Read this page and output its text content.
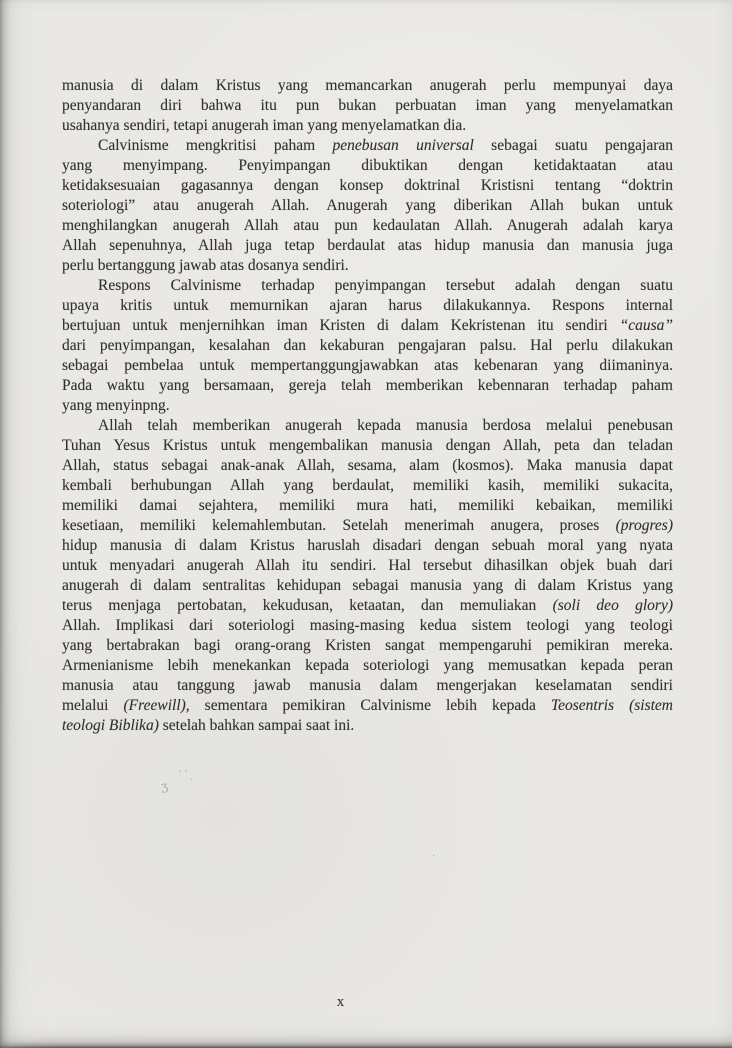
manusia di dalam Kristus yang memancarkan anugerah perlu mempunyai daya
penyandaran diri bahwa itu pun bukan perbuatan iman yang menyelamatkan
usahanya sendiri, tetapi anugerah iman yang menyelamatkan dia.
Calvinisme mengkritisi paham penebusan universal sebagai suatu pengajaran
yang menyimpang. Penyimpangan dibuktikan dengan ketidaktaatan atau
ketidaksesuaian gagasannya dengan konsep doktrinal Kristisni tentang “doktrin
soteriologi” atau anugerah Allah. Anugerah yang diberikan Allah bukan untuk
menghilangkan anugerah Allah atau pun kedaulatan Allah. Anugerah adalah karya
Allah sepenuhnya, Allah juga tetap berdaulat atas hidup manusia dan manusia juga
perlu bertanggung jawab atas dosanya sendiri.
Respons Calvinisme terhadap penyimpangan tersebut adalah dengan suatu
upaya kritis untuk memurnikan ajaran harus dilakukannya. Respons internal
bertujuan untuk menjernihkan iman Kristen di dalam Kekristenan itu sendiri “causa”
dari penyimpangan, kesalahan dan kekaburan pengajaran palsu. Hal perlu dilakukan
sebagai pembelaa untuk mempertanggungjawabkan atas kebenaran yang diimaninya.
Pada waktu yang bersamaan, gereja telah memberikan kebennaran terhadap paham
yang menyinpng.
Allah telah memberikan anugerah kepada manusia berdosa melalui penebusan
Tuhan Yesus Kristus untuk mengembalikan manusia dengan Allah, peta dan teladan
Allah, status sebagai anak-anak Allah, sesama, alam (kosmos). Maka manusia dapat
kembali berhubungan Allah yang berdaulat, memiliki kasih, memiliki sukacita,
memiliki damai sejahtera, memiliki mura hati, memiliki kebaikan, memiliki
kesetiaan, memiliki kelemahlembutan. Setelah menerimah anugera, proses (progres)
hidup manusia di dalam Kristus haruslah disadari dengan sebuah moral yang nyata
untuk menyadari anugerah Allah itu sendiri. Hal tersebut dihasilkan objek buah dari
anugerah di dalam sentralitas kehidupan sebagai manusia yang di dalam Kristus yang
terus menjaga pertobatan, kekudusan, ketaatan, dan memuliakan (soli deo glory)
Allah. Implikasi dari soteriologi masing-masing kedua sistem teologi yang teologi
yang bertabrakan bagi orang-orang Kristen sangat mempengaruhi pemikiran mereka.
Armenianisme lebih menekankan kepada soteriologi yang memusatkan kepada peran
manusia atau tanggung jawab manusia dalam mengerjakan keselamatan sendiri
melalui (Freewill), sementara pemikiran Calvinisme lebih kepada Teosentris (sistem
teologi Biblika) setelah bahkan sampai saat ini.
x
ʒ
ʿ ʹ ·
·
